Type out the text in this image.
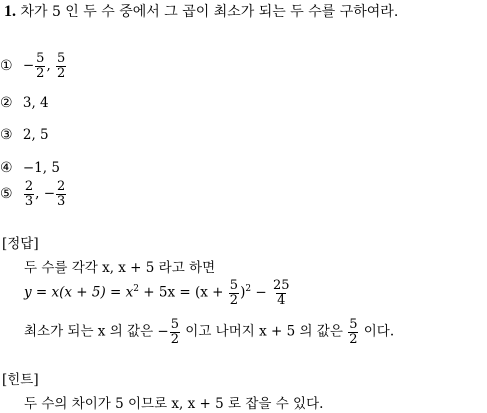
1. 차가 5 인 두 수 중에서 그 곱이 최소가 되는 두 수를 구하여라.
① − $\frac{5}{2}$ , $\frac{5}{2}$
② 3, 4
③ 2, 5
④ −1, 5
⑤ $\frac{2}{3}$ , − $\frac{2}{3}$
[정답]
두 수를 각각 x, x + 5 라고 하면
$y = x(x + 5) = x^2 + 5x = (x + \frac{5}{2} )^2 - \frac{25}{4}$
최소가 되는 x 의 값은 − $\frac{5}{2}$ 이고 나머지 x + 5 의 값은 $\frac{5}{2}$ 이다.
[힌트]
두 수의 차이가 5 이므로 x, x + 5 로 잡을 수 있다.
